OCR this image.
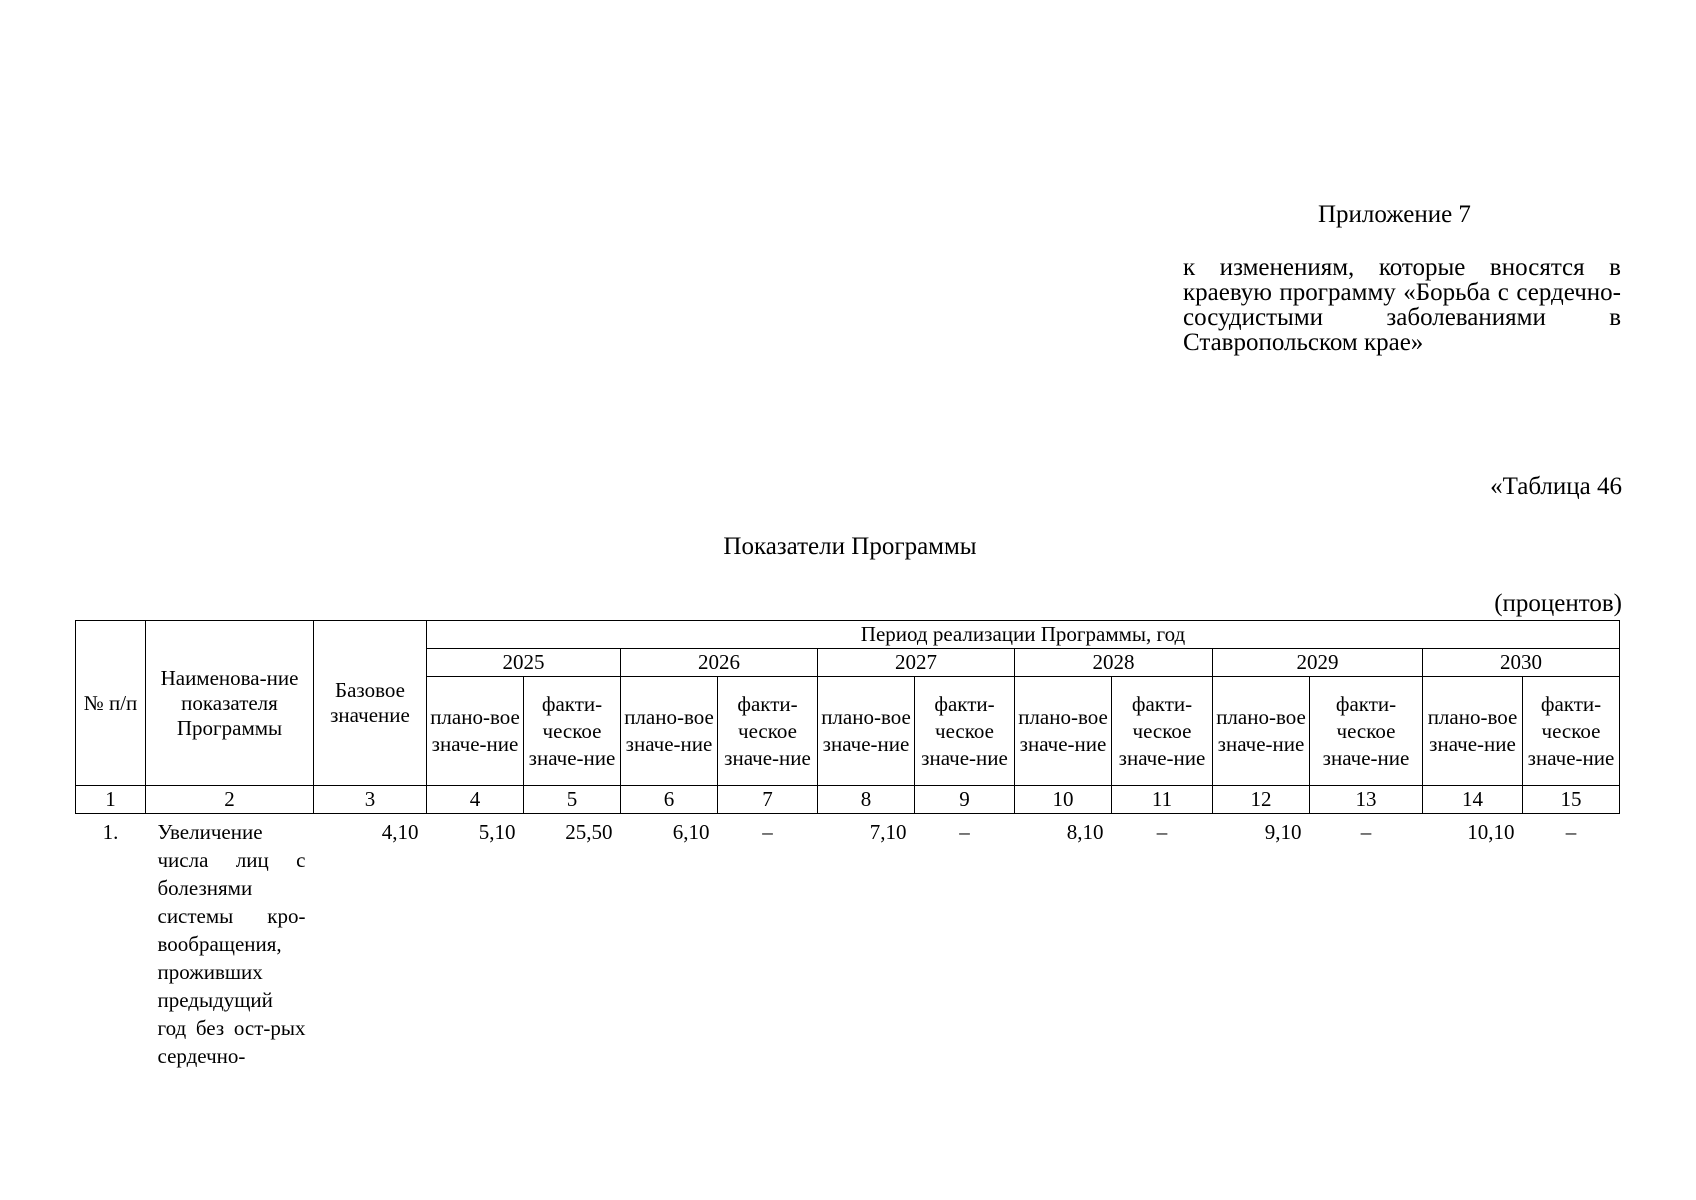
Приложение 7

к изменениям, которые вносятся в краевую программу «Борьба с сердечно-сосудистыми заболеваниями в Ставропольском крае»

«Таблица 46
Показатели Программы
(процентов)
№ п/п	Наименова-ние показателя Программы	Базовое значение	Период реализации Программы, год											
			2025		2026		2027		2028		2029		2030	
			плано-вое значе-ние	факти-ческое значе-ние	плано-вое значе-ние	факти-ческое значе-ние	плано-вое значе-ние	факти-ческое значе-ние	плано-вое значе-ние	факти-ческое значе-ние	плано-вое значе-ние	факти-ческое значе-ние	плано-вое значе-ние	факти-ческое значе-ние
1	2	3	4	5	6	7	8	9	10	11	12	13	14	15
1.	Увеличение числа лиц с болезнями системы кро-вообращения, проживших предыдущий год без ост-рых сердечно-	4,10	5,10	25,50	6,10	–	7,10	–	8,10	–	9,10	–	10,10	–
